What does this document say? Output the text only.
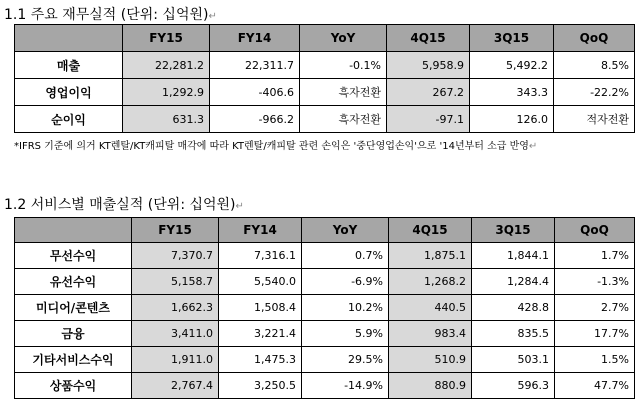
1.1 주요 재무실적 (단위: 십억원)↵
	FY15	FY14	YoY	4Q15	3Q15	QoQ
매출	22,281.2	22,311.7	-0.1%	5,958.9	5,492.2	8.5%
영업이익	1,292.9	-406.6	흑자전환	267.2	343.3	-22.2%
순이익	631.3	-966.2	흑자전환	-97.1	126.0	적자전환
*IFRS 기준에 의거 KT렌탈/KT캐피탈 매각에 따라 KT렌탈/캐피탈 관련 손익은 '중단영업손익'으로 '14년부터 소급 반영↵
1.2 서비스별 매출실적 (단위: 십억원)↵
	FY15	FY14	YoY	4Q15	3Q15	QoQ
무선수익	7,370.7	7,316.1	0.7%	1,875.1	1,844.1	1.7%
유선수익	5,158.7	5,540.0	-6.9%	1,268.2	1,284.4	-1.3%
미디어/콘텐츠	1,662.3	1,508.4	10.2%	440.5	428.8	2.7%
금융	3,411.0	3,221.4	5.9%	983.4	835.5	17.7%
기타서비스수익	1,911.0	1,475.3	29.5%	510.9	503.1	1.5%
상품수익	2,767.4	3,250.5	-14.9%	880.9	596.3	47.7%
